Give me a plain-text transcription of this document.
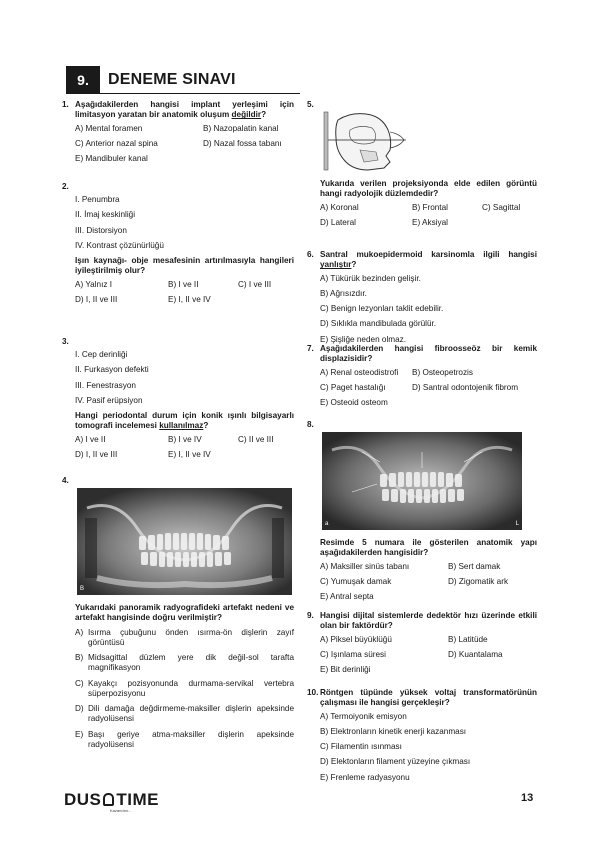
9.	DENEME SINAVI
1. Aşağıdakilerden hangisi implant yerleşimi için limitasyon yaratan bir anatomik oluşum değildir?
A) Mental foramen	B) Nazopalatin kanal
C) Anterior nazal spina	D) Nazal fossa tabanı
E) Mandibuler kanal
2.
I. Penumbra
II. İmaj keskinliği
III. Distorsiyon
IV. Kontrast çözünürlüğü
Işın kaynağı- obje mesafesinin artırılmasıyla hangileri iyileştirilmiş olur?
A) Yalnız I	B) I ve II	C) I ve III
D) I, II ve III	E) I, II ve IV
3.
I. Cep derinliği
II. Furkasyon defekti
III. Fenestrasyon
IV. Pasif erüpsiyon
Hangi periodontal durum için konik ışınlı bilgisayarlı tomografi incelemesi kullanılmaz?
A) I ve II	B) I ve IV	C) II ve III
D) I, II ve III	E) I, II ve IV
4.
B
Yukarıdaki panoramik radyografideki artefakt nedeni ve artefakt hangisinde doğru verilmiştir?
A) Isırma çubuğunu önden ısırma-ön dişlerin zayıf görüntüsü
B) Midsagittal düzlem yere dik değil-sol tarafta magnifikasyon
C) Kayakçı pozisyonunda durmama-servikal vertebra süperpozisyonu
D) Dili damağa değdirmeme-maksiller dişlerin apeksinde radyolüsensi
E) Başı geriye atma-maksiller dişlerin apeksinde radyolüsensi
5.
Yukarıda verilen projeksiyonda elde edilen görüntü hangi radyolojik düzlemdedir?
A) Koronal	B) Frontal	C) Sagittal
D) Lateral	E) Aksiyal
6. Santral mukoepidermoid karsinomla ilgili hangisi yanlıştır?
A) Tükürük bezinden gelişir.
B) Ağrısızdır.
C) Benign lezyonları taklit edebilir.
D) Sıklıkla mandibulada görülür.
E) Şişliğe neden olmaz.
7. Aşağıdakilerden hangisi fibroosseöz bir kemik displazisidir?
A) Renal osteodistrofi	B) Osteopetrozis
C) Paget hastalığı	D) Santral odontojenik fibrom
E) Osteoid osteom
8.
a	L
Resimde 5 numara ile gösterilen anatomik yapı aşağıdakilerden hangisidir?
A) Maksiller sinüs tabanı	B) Sert damak
C) Yumuşak damak	D) Zigomatik ark
E) Antral septa
9. Hangisi dijital sistemlerde dedektör hızı üzerinde etkili olan bir faktördür?
A) Piksel büyüklüğü	B) Latitüde
C) Işınlama süresi	D) Kuantalama
E) Bit derinliği
10. Röntgen tüpünde yüksek voltaj transformatörünün çalışması ile hangisi gerçekleşir?
A) Termoiyonik emisyon
B) Elektronların kinetik enerji kazanması
C) Filamentin ısınması
D) Elektonların filament yüzeyine çıkması
E) Frenleme radyasyonu
DUS TIME
Kazandırır...
13
